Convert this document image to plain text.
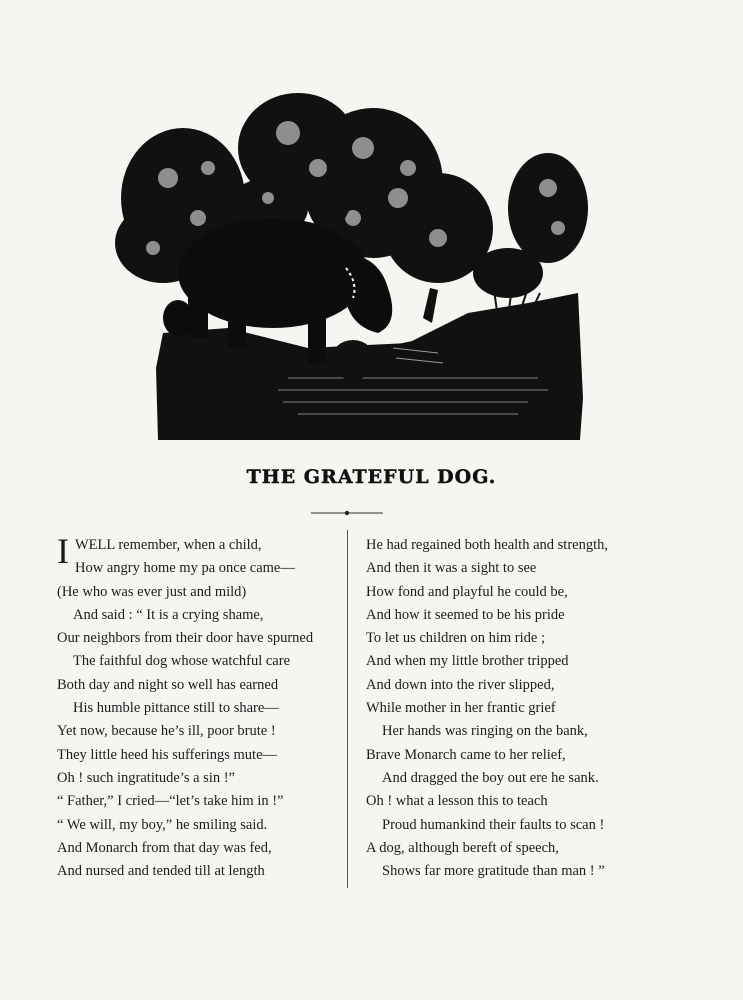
THE GRATEFUL DOG.
IWELL remember, when a child,
How angry home my pa once came—
(He who was ever just and mild)
And said : “ It is a crying shame,
Our neighbors from their door have spurned
The faithful dog whose watchful care
Both day and night so well has earned
His humble pittance still to share—
Yet now, because he’s ill, poor brute !
They little heed his sufferings mute—
Oh ! such ingratitude’s a sin !”
“ Father,” I cried—“let’s take him in !”
“ We will, my boy,” he smiling said.
And Monarch from that day was fed,
And nursed and tended till at length
He had regained both health and strength,
And then it was a sight to see
How fond and playful he could be,
And how it seemed to be his pride
To let us children on him ride ;
And when my little brother tripped
And down into the river slipped,
While mother in her frantic grief
Her hands was ringing on the bank,
Brave Monarch came to her relief,
And dragged the boy out ere he sank.
Oh ! what a lesson this to teach
Proud humankind their faults to scan !
A dog, although bereft of speech,
Shows far more gratitude than man ! ”
